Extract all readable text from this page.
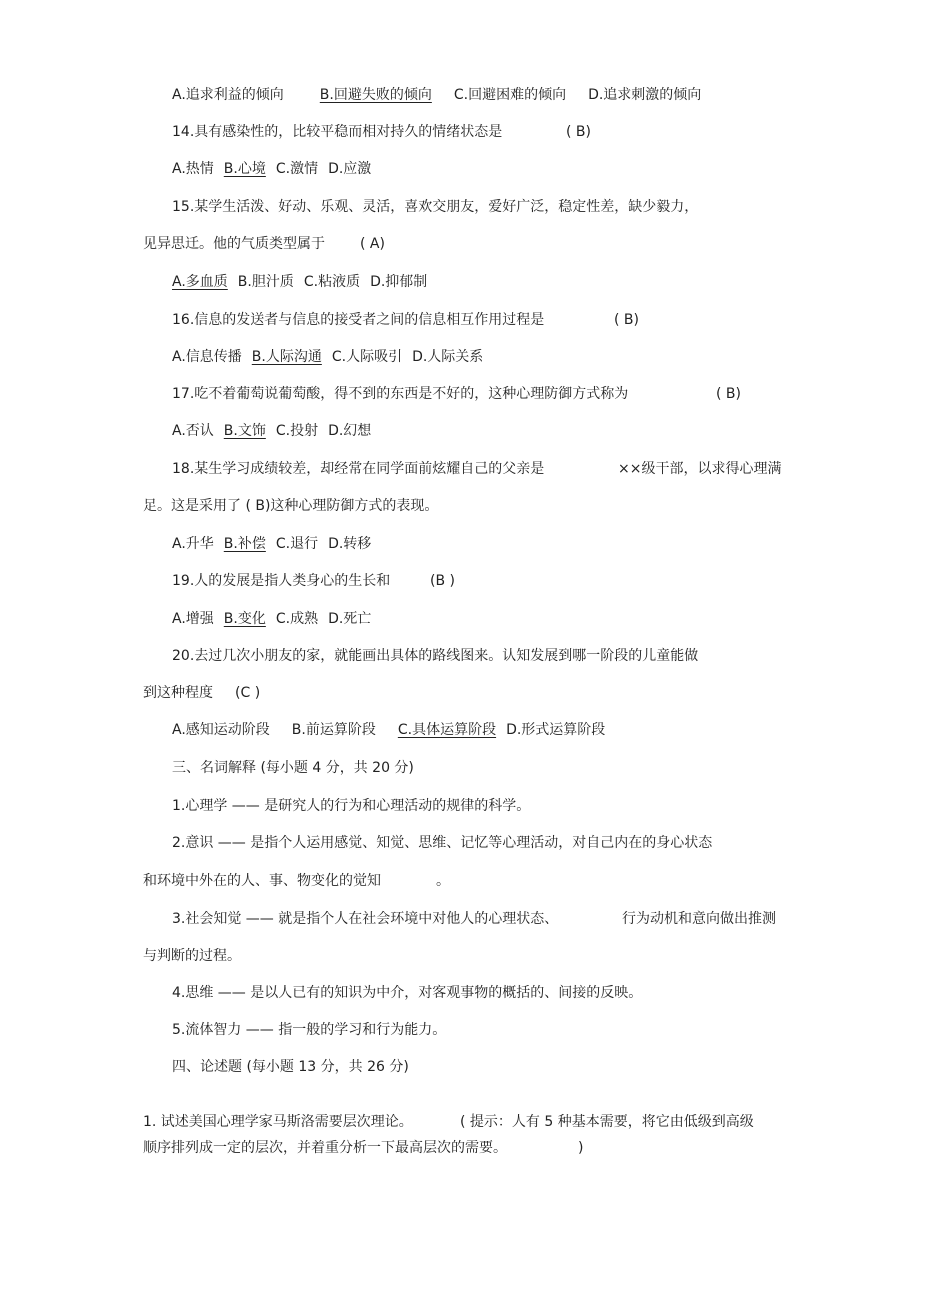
A.追求利益的倾向	B.回避失败的倾向 C.回避困难的倾向 D.追求刺激的倾向
14.具有感染性的，比较平稳而相对持久的情绪状态是	( B)
A.热情 B.心境 C.激情 D.应激
15.某学生活泼、好动、乐观、灵活，喜欢交朋友，爱好广泛，稳定性差，缺少毅力，
见异思迁。他的气质类型属于	( A)
A.多血质 B.胆汁质 C.粘液质 D.抑郁制
16.信息的发送者与信息的接受者之间的信息相互作用过程是	( B)
A.信息传播 B.人际沟通 C.人际吸引 D.人际关系
17.吃不着葡萄说葡萄酸，得不到的东西是不好的，这种心理防御方式称为	( B)
A.否认 B.文饰 C.投射 D.幻想
18.某生学习成绩较差，却经常在同学面前炫耀自己的父亲是	××级干部，以求得心理满
足。这是采用了 ( B)这种心理防御方式的表现。
A.升华 B.补偿 C.退行 D.转移
19.人的发展是指人类身心的生长和	(B )
A.增强 B.变化 C.成熟 D.死亡
20.去过几次小朋友的家，就能画出具体的路线图来。认知发展到哪一阶段的儿童能做
到这种程度 (C )
A.感知运动阶段 B.前运算阶段 C.具体运算阶段 D.形式运算阶段
三、名词解释 (每小题 4 分，共 20 分)
1.心理学 —— 是研究人的行为和心理活动的规律的科学。
2.意识 —— 是指个人运用感觉、知觉、思维、记忆等心理活动，对自己内在的身心状态
和环境中外在的人、事、物变化的觉知	。
3.社会知觉 —— 就是指个人在社会环境中对他人的心理状态、	行为动机和意向做出推测
与判断的过程。
4.思维 —— 是以人已有的知识为中介，对客观事物的概括的、间接的反映。
5.流体智力 —— 指一般的学习和行为能力。
四、论述题 (每小题 13 分，共 26 分)
1. 试述美国心理学家马斯洛需要层次理论。	( 提示：人有 5 种基本需要，将它由低级到高级
顺序排列成一定的层次，并着重分析一下最高层次的需要。	)
